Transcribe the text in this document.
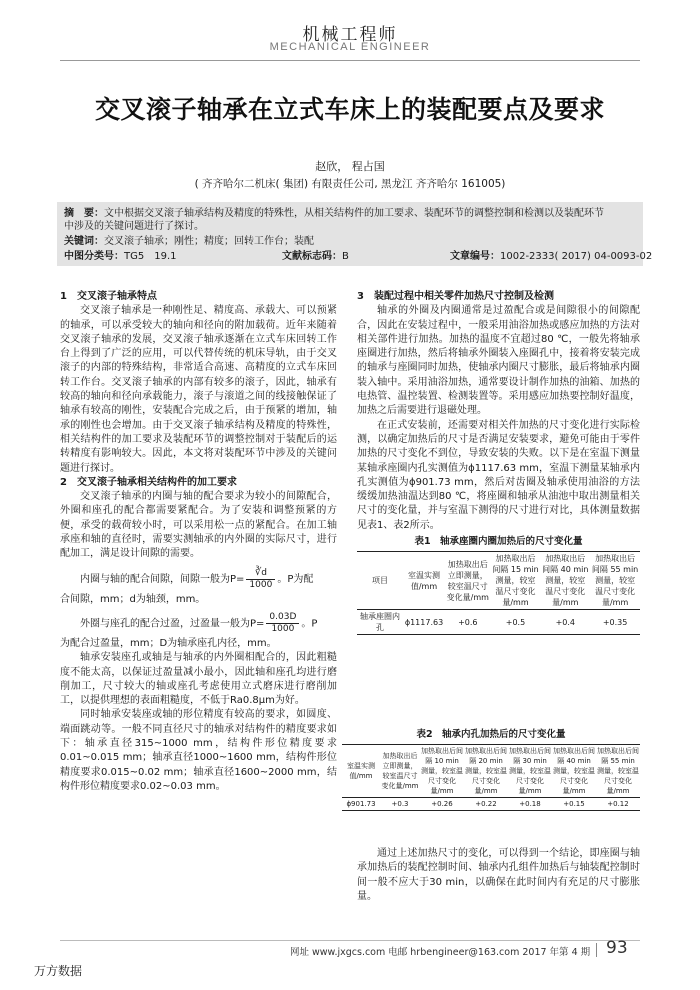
机械工程师
MECHANICAL ENGINEER
交叉滚子轴承在立式车床上的装配要点及要求
赵欣， 程占国
( 齐齐哈尔二机床( 集团) 有限责任公司, 黑龙江 齐齐哈尔 161005)
摘　要：文中根据交叉滚子轴承结构及精度的特殊性，从相关结构件的加工要求、装配环节的调整控制和检测以及装配环节
中涉及的关键问题进行了探讨。
关键词：交叉滚子轴承；刚性；精度；回转工作台；装配
中图分类号：TG5　19.1	文献标志码：B	文章编号：1002-2333( 2017) 04-0093-02

1　交叉滚子轴承特点

交叉滚子轴承是一种刚性足、精度高、承载大、可以预紧的轴承，可以承受较大的轴向和径向的附加载荷。近年来随着交叉滚子轴承的发展，交叉滚子轴承逐渐在立式车床回转工作台上得到了广泛的应用，可以代替传统的机床导轨，由于交叉滚子的内部的特殊结构，非常适合高速、高精度的立式车床回转工作台。交叉滚子轴承的内部有较多的滚子，因此，轴承有较高的轴向和径向承载能力，滚子与滚道之间的线接触保证了轴承有较高的刚性，安装配合完成之后，由于预紧的增加，轴承的刚性也会增加。由于交叉滚子轴承结构及精度的特殊性，相关结构件的加工要求及装配环节的调整控制对于装配后的运转精度有影响较大。因此，本文将对装配环节中涉及的关键问题进行探讨。

2　交叉滚子轴承相关结构件的加工要求

交叉滚子轴承的内圈与轴的配合要求为较小的间隙配合，外圈和座孔的配合都需要紧配合。为了安装和调整预紧的方便，承受的载荷较小时，可以采用松一点的紧配合。在加工轴承座和轴的直径时，需要实测轴承的内外圈的实际尺寸，进行配加工，满足设计间隙的需要。

内圈与轴的配合间隙，间隙一般为$P= \frac{∛d}{1000}$ 。P为配

合间隙，mm；d为轴颈，mm。

外圈与座孔的配合过盈，过盈量一般为$P= \frac{0.03D}{1000}$ 。P

为配合过盈量，mm；D为轴承座孔内径，mm。

轴承安装座孔或轴是与轴承的内外圈相配合的，因此粗糙度不能太高，以保证过盈量减小最小，因此轴和座孔均进行磨削加工，尺寸较大的轴或座孔考虑使用立式磨床进行磨削加工，以提供理想的表面粗糙度，不低于Ra0.8μm为好。

同时轴承安装座或轴的形位精度有较高的要求，如圆度、端面跳动等。一般不同直径尺寸的轴承对结构件的精度要求如下：轴承直径315~1000 mm，结构件形位精度要求 0.01~0.015 mm；轴承直径1000~1600 mm，结构件形位精度要求0.015~0.02 mm；轴承直径1600~2000 mm，结构件形位精度要求0.02~0.03 mm。

3　装配过程中相关零件加热尺寸控制及检测

轴承的外圈及内圈通常是过盈配合或是间隙很小的间隙配合，因此在安装过程中，一般采用油浴加热或感应加热的方法对相关部件进行加热。加热的温度不宜超过80 ℃，一般先将轴承座圈进行加热，然后将轴承外圈装入座圈孔中，接着将安装完成的轴承与座圈同时加热，使轴承内圈尺寸膨胀，最后将轴承内圈装入轴中。采用油浴加热，通常要设计制作加热的油箱、加热的电热管、温控装置、检测装置等。采用感应加热要控制好温度，加热之后需要进行退磁处理。

在正式安装前，还需要对相关件加热的尺寸变化进行实际检测，以确定加热后的尺寸是否满足安装要求，避免可能由于零件加热的尺寸变化不到位，导致安装的失败。以下是在室温下测量某轴承座圈内孔实测值为ϕ1117.63 mm，室温下测量某轴承内孔实测值为ϕ901.73 mm，然后对齿圈及轴承使用油浴的方法缓缓加热油温达到80 ℃，将座圈和轴承从油池中取出测量相关尺寸的变化量，并与室温下测得的尺寸进行对比，具体测量数据见表1、表2所示。

表1　轴承座圈内圈加热后的尺寸变化量
项目	室温实测值/mm	加热取出后立即测量，较室温尺寸变化量/mm	加热取出后间隔 15 min 测量，较室温尺寸变化量/mm	加热取出后间隔 40 min 测量，较室温尺寸变化量/mm	加热取出后间隔 55 min 测量，较室温尺寸变化量/mm
轴承座圈内孔	ϕ1117.63	+0.6	+0.5	+0.4	+0.35
表2　轴承内孔加热后的尺寸变化量
室温实测值/mm	加热取出后立即测量，较室温尺寸变化量/mm	加热取出后间隔 10 min 测量，较室温尺寸变化量/mm	加热取出后间隔 20 min 测量，较室温尺寸变化量/mm	加热取出后间隔 30 min 测量，较室温尺寸变化量/mm	加热取出后间隔 40 min 测量，较室温尺寸变化量/mm	加热取出后间隔 55 min 测量，较室温尺寸变化量/mm
ϕ901.73	+0.3	+0.26	+0.22	+0.18	+0.15	+0.12

通过上述加热尺寸的变化，可以得到一个结论，即座圈与轴承加热后的装配控制时间、轴承内孔组件加热后与轴装配控制时间一般不应大于30 min，以确保在此时间内有充足的尺寸膨胀量。

网址 www.jxgcs.com 电邮 hrbengineer@163.com 2017 年第 4 期 93
万方数据
